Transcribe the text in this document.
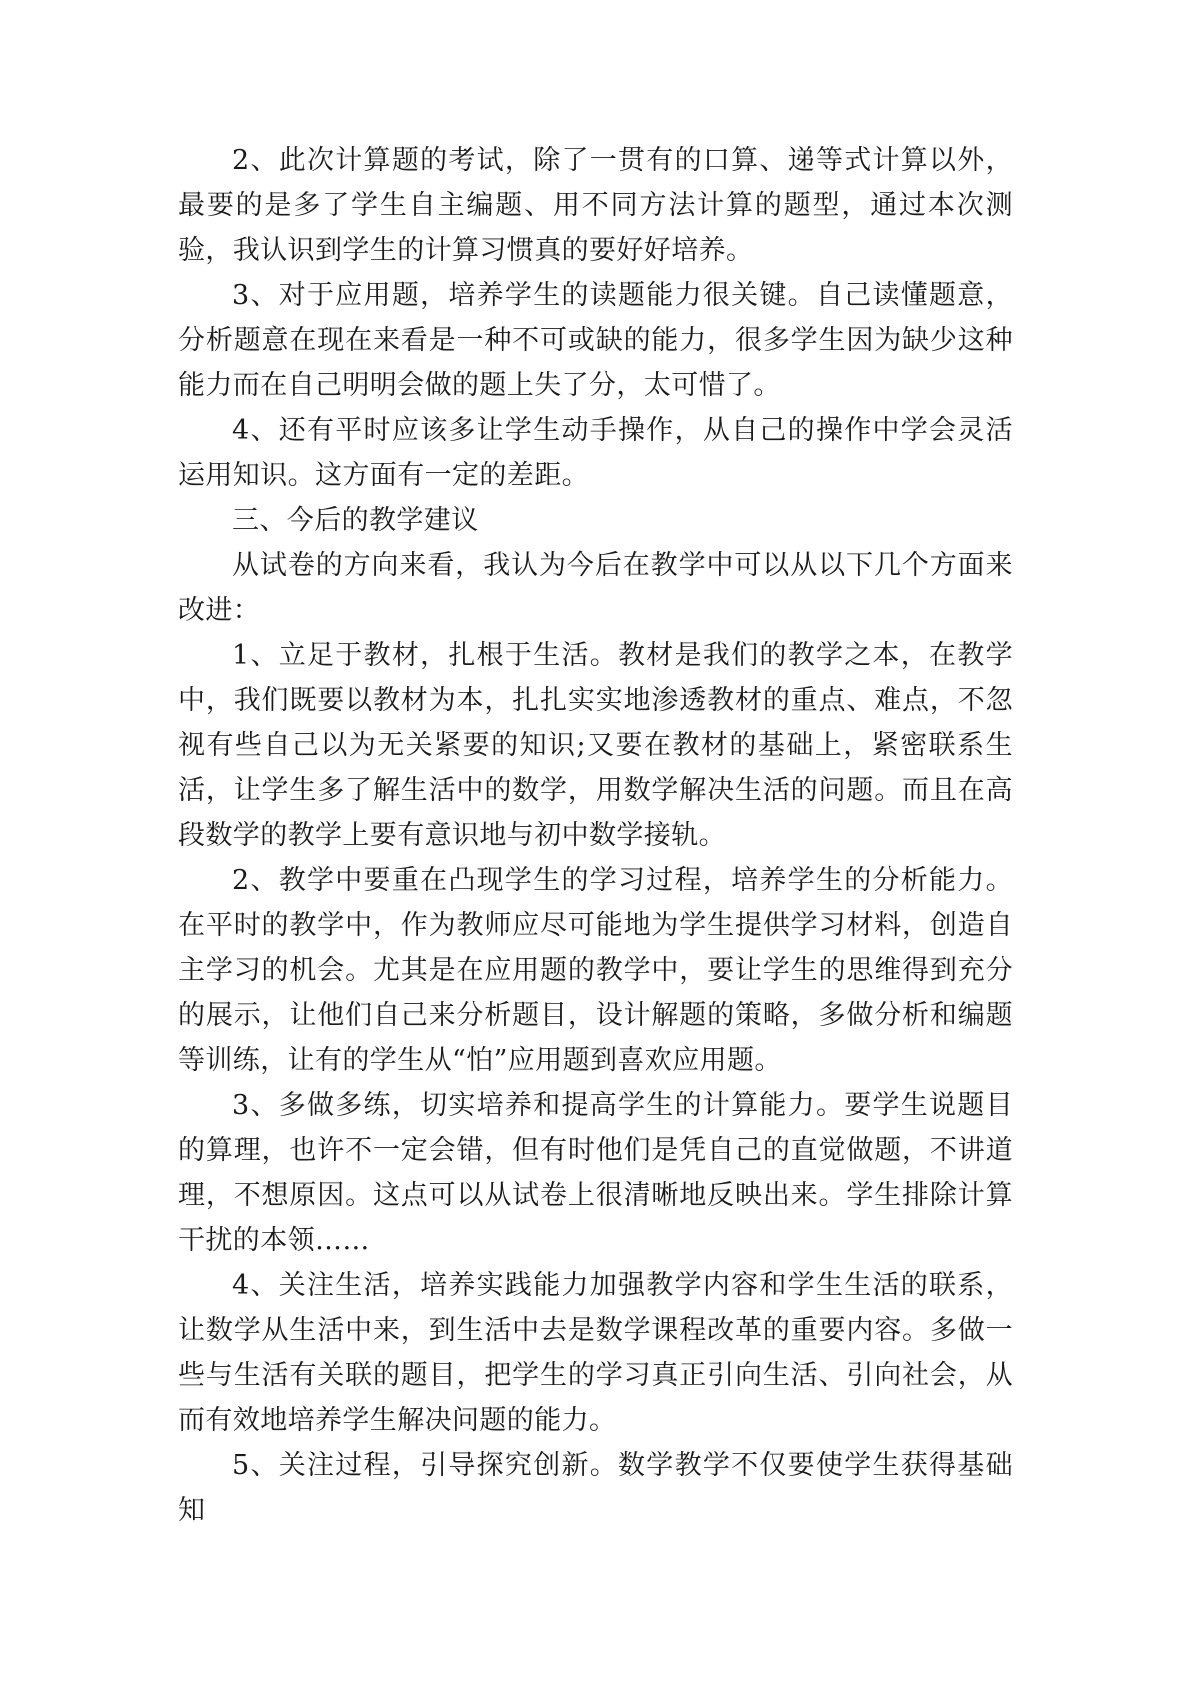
2、此次计算题的考试，除了一贯有的口算、递等式计算以外，最要的是多了学生自主编题、用不同方法计算的题型，通过本次测验，我认识到学生的计算习惯真的要好好培养。

3、对于应用题，培养学生的读题能力很关键。自己读懂题意，分析题意在现在来看是一种不可或缺的能力，很多学生因为缺少这种能力而在自己明明会做的题上失了分，太可惜了。

4、还有平时应该多让学生动手操作，从自己的操作中学会灵活运用知识。这方面有一定的差距。

三、今后的教学建议

从试卷的方向来看，我认为今后在教学中可以从以下几个方面来改进：

1、立足于教材，扎根于生活。教材是我们的教学之本，在教学中，我们既要以教材为本，扎扎实实地渗透教材的重点、难点，不忽视有些自己以为无关紧要的知识;又要在教材的基础上，紧密联系生活，让学生多了解生活中的数学，用数学解决生活的问题。而且在高段数学的教学上要有意识地与初中数学接轨。

2、教学中要重在凸现学生的学习过程，培养学生的分析能力。在平时的教学中，作为教师应尽可能地为学生提供学习材料，创造自主学习的机会。尤其是在应用题的教学中，要让学生的思维得到充分的展示，让他们自己来分析题目，设计解题的策略，多做分析和编题等训练，让有的学生从“怕”应用题到喜欢应用题。

3、多做多练，切实培养和提高学生的计算能力。要学生说题目的算理，也许不一定会错，但有时他们是凭自己的直觉做题，不讲道理，不想原因。这点可以从试卷上很清晰地反映出来。学生排除计算干扰的本领……

4、关注生活，培养实践能力加强教学内容和学生生活的联系，让数学从生活中来，到生活中去是数学课程改革的重要内容。多做一些与生活有关联的题目，把学生的学习真正引向生活、引向社会，从而有效地培养学生解决问题的能力。

5、关注过程，引导探究创新。数学教学不仅要使学生获得基础知
